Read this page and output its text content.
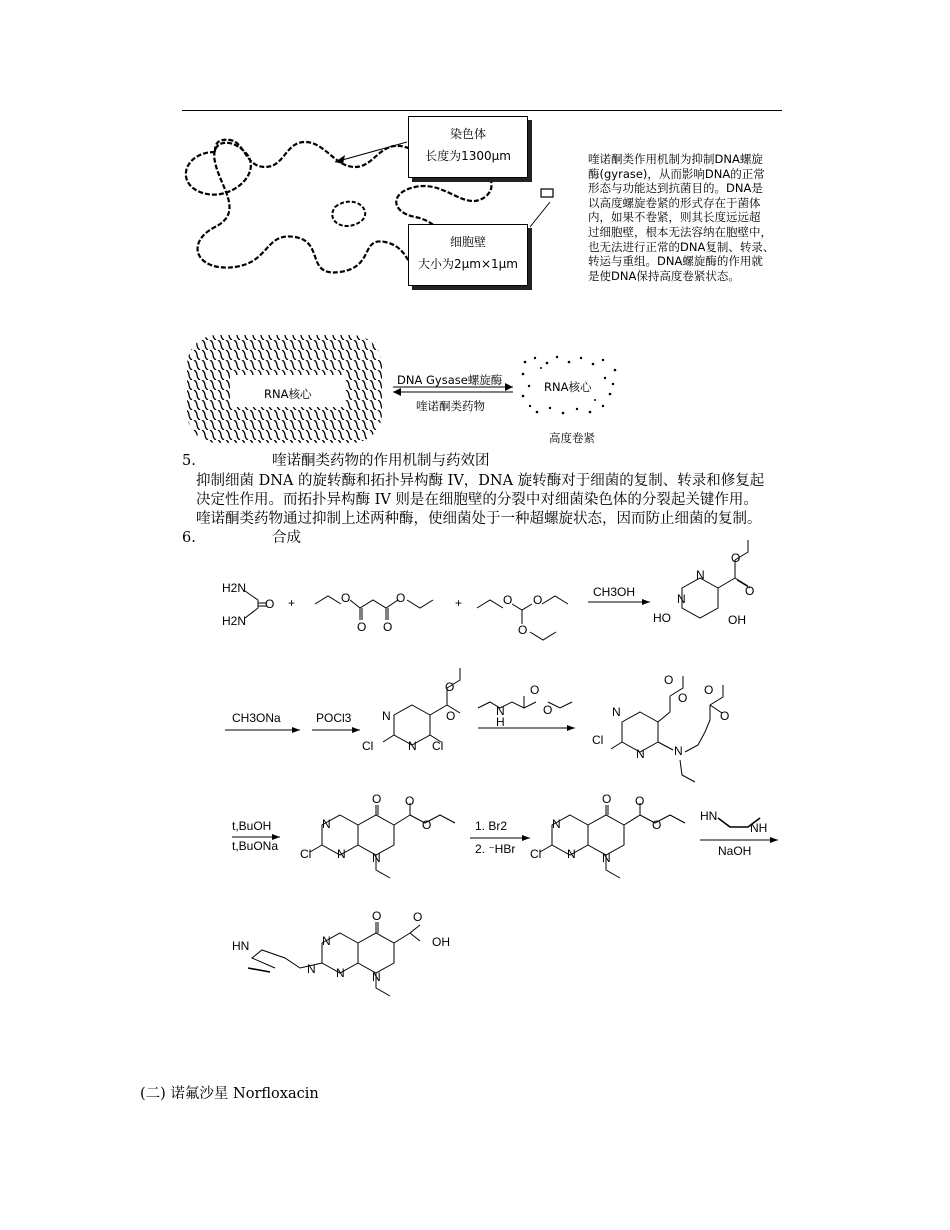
染色体
长度为1300μm
细胞壁
大小为2μm×1μm
喹诺酮类作用机制为抑制DNA螺旋
酶(gyrase)，从而影响DNA的正常
形态与功能达到抗菌目的。DNA是
以高度螺旋卷紧的形式存在于菌体
内，如果不卷紧，则其长度远远超
过细胞壁，根本无法容纳在胞壁中，
也无法进行正常的DNA复制、转录、
转运与重组。DNA螺旋酶的作用就
是使DNA保持高度卷紧状态。
RNA核心
DNA Gysase螺旋酶
喹诺酮类药物
RNA核心
高度卷紧
5.	喹诺酮类药物的作用机制与药效团
抑制细菌 DNA 的旋转酶和拓扑异构酶 IV，DNA 旋转酶对于细菌的复制、转录和修复起
决定性作用。而拓扑异构酶 IV 则是在细胞壁的分裂中对细菌染色体的分裂起关键作用。
喹诺酮类药物通过抑制上述两种酶，使细菌处于一种超螺旋状态，因而防止细菌的复制。
6.	合成
H2N
O
H2N
+	O	O
O O
+	O O
O
CH3OH
N
N
HO	OH
O
O
CH3ONa	POCl3	N
N
Cl	Cl
O
O	N
H
O
O	N
N N
Cl
O
O
O
O
t,BuOH
t,BuONa
N
N N
Cl
O O
O	1. Br2
2. ⁻HBr
N
N N
Cl
O O
O
HN
NH
NaOH
HN	N
N N N
O	O
OH
(二) 诺氟沙星 Norfloxacin
